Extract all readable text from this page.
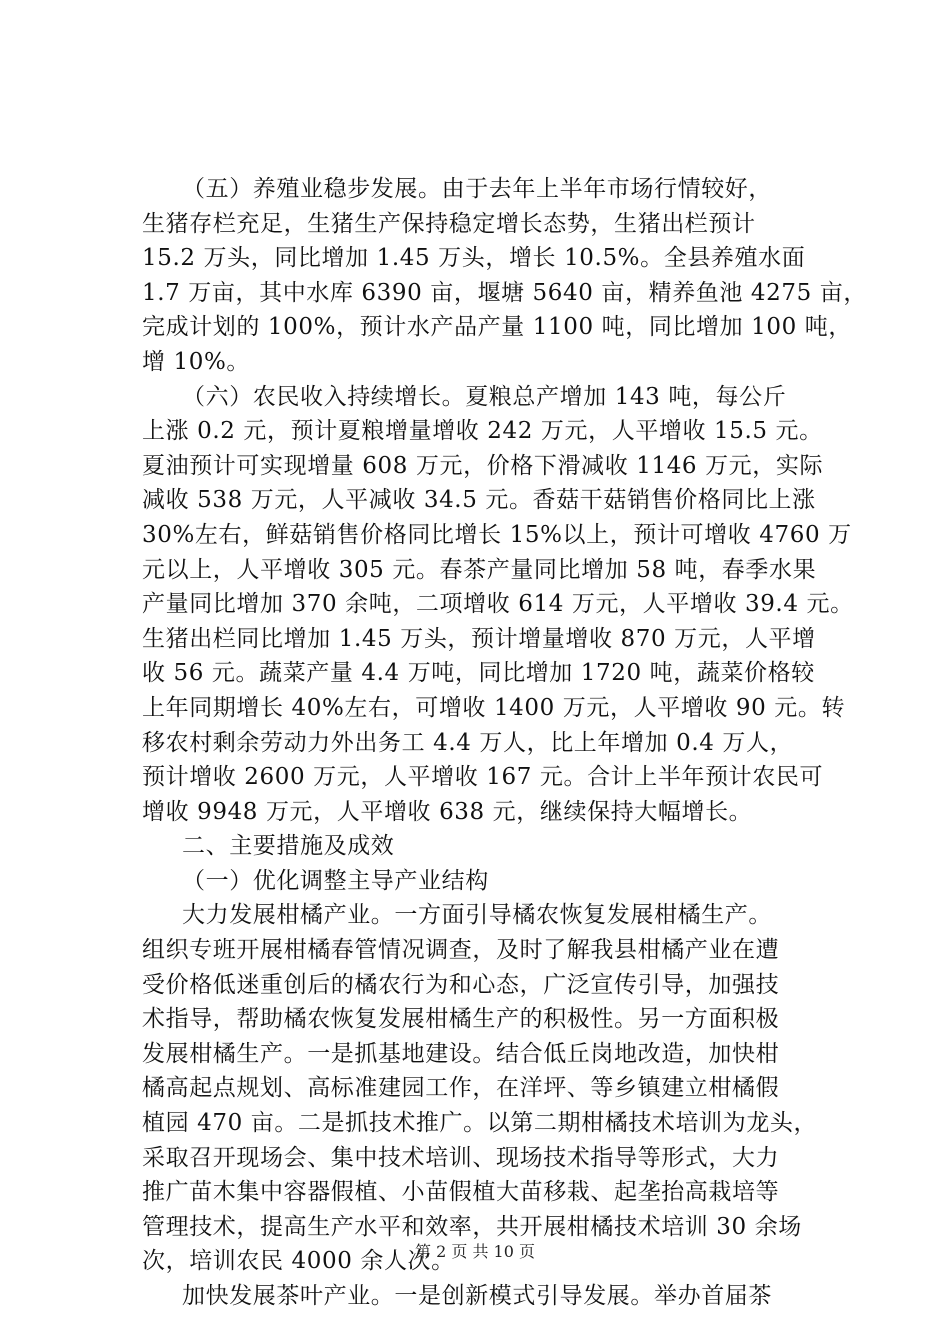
（五）养殖业稳步发展。由于去年上半年市场行情较好，
生猪存栏充足，生猪生产保持稳定增长态势，生猪出栏预计
15.2 万头，同比增加 1.45 万头，增长 10.5%。全县养殖水面
1.7 万亩，其中水库 6390 亩，堰塘 5640 亩，精养鱼池 4275 亩，
完成计划的 100%，预计水产品产量 1100 吨，同比增加 100 吨，
增 10%。
（六）农民收入持续增长。夏粮总产增加 143 吨，每公斤
上涨 0.2 元，预计夏粮增量增收 242 万元，人平增收 15.5 元。
夏油预计可实现增量 608 万元，价格下滑减收 1146 万元，实际
减收 538 万元，人平减收 34.5 元。香菇干菇销售价格同比上涨
30%左右，鲜菇销售价格同比增长 15%以上，预计可增收 4760 万
元以上，人平增收 305 元。春茶产量同比增加 58 吨，春季水果
产量同比增加 370 余吨，二项增收 614 万元，人平增收 39.4 元。
生猪出栏同比增加 1.45 万头，预计增量增收 870 万元，人平增
收 56 元。蔬菜产量 4.4 万吨，同比增加 1720 吨，蔬菜价格较
上年同期增长 40%左右，可增收 1400 万元，人平增收 90 元。转
移农村剩余劳动力外出务工 4.4 万人，比上年增加 0.4 万人，
预计增收 2600 万元，人平增收 167 元。合计上半年预计农民可
增收 9948 万元，人平增收 638 元，继续保持大幅增长。
二、主要措施及成效
（一）优化调整主导产业结构
大力发展柑橘产业。一方面引导橘农恢复发展柑橘生产。
组织专班开展柑橘春管情况调查，及时了解我县柑橘产业在遭
受价格低迷重创后的橘农行为和心态，广泛宣传引导，加强技
术指导，帮助橘农恢复发展柑橘生产的积极性。另一方面积极
发展柑橘生产。一是抓基地建设。结合低丘岗地改造，加快柑
橘高起点规划、高标准建园工作，在洋坪、等乡镇建立柑橘假
植园 470 亩。二是抓技术推广。以第二期柑橘技术培训为龙头，
采取召开现场会、集中技术培训、现场技术指导等形式，大力
推广苗木集中容器假植、小苗假植大苗移栽、起垄抬高栽培等
管理技术，提高生产水平和效率，共开展柑橘技术培训 30 余场
次，培训农民 4000 余人次。
加快发展茶叶产业。一是创新模式引导发展。举办首届茶
第 2 页 共 10 页
